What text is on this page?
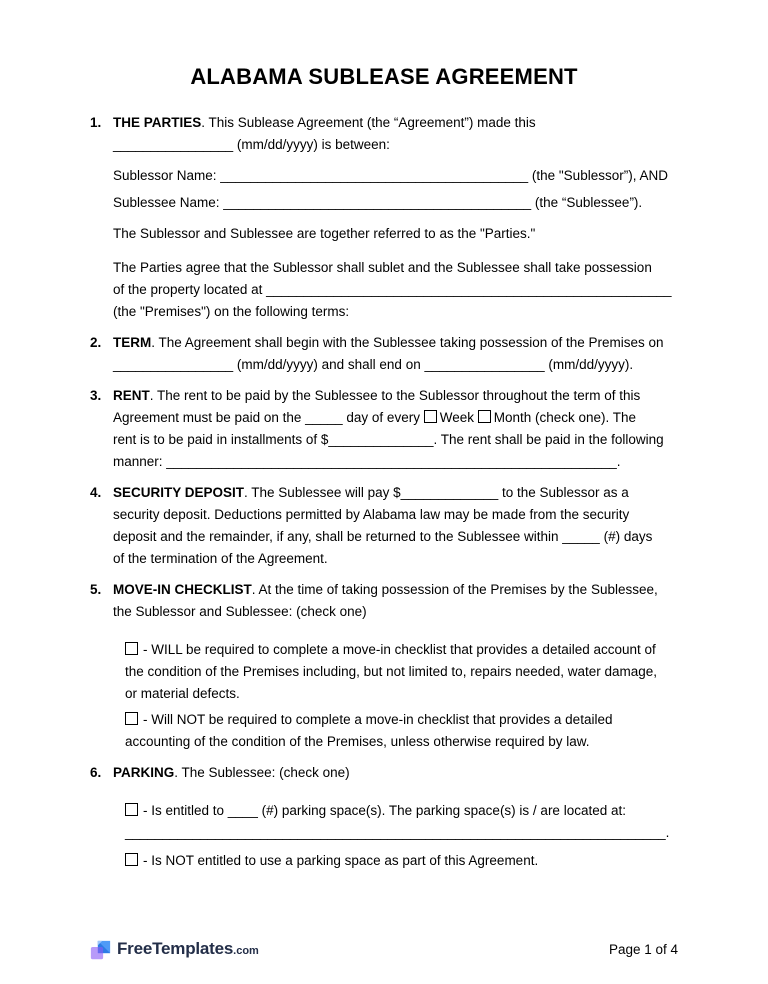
ALABAMA SUBLEASE AGREEMENT
1. THE PARTIES. This Sublease Agreement (the “Agreement”) made this
________________ (mm/dd/yyyy) is between:
Sublessor Name: _________________________________________ (the "Sublessor”), AND
Sublessee Name: _________________________________________ (the “Sublessee”).
The Sublessor and Sublessee are together referred to as the "Parties."
The Parties agree that the Sublessor shall sublet and the Sublessee shall take possession
of the property located at ______________________________________________________
(the "Premises") on the following terms:
2. TERM. The Agreement shall begin with the Sublessee taking possession of the Premises on
________________ (mm/dd/yyyy) and shall end on ________________ (mm/dd/yyyy).
3. RENT. The rent to be paid by the Sublessee to the Sublessor throughout the term of this
Agreement must be paid on the _____ day of every Week Month (check one). The
rent is to be paid in installments of $______________. The rent shall be paid in the following
manner: ____________________________________________________________.
4. SECURITY DEPOSIT. The Sublessee will pay $_____________ to the Sublessor as a
security deposit. Deductions permitted by Alabama law may be made from the security
deposit and the remainder, if any, shall be returned to the Sublessee within _____ (#) days
of the termination of the Agreement.
5. MOVE-IN CHECKLIST. At the time of taking possession of the Premises by the Sublessee,
the Sublessor and Sublessee: (check one)
- WILL be required to complete a move-in checklist that provides a detailed account of
the condition of the Premises including, but not limited to, repairs needed, water damage,
or material defects.
- Will NOT be required to complete a move-in checklist that provides a detailed
accounting of the condition of the Premises, unless otherwise required by law.
6. PARKING. The Sublessee: (check one)
- Is entitled to ____ (#) parking space(s). The parking space(s) is / are located at:
________________________________________________________________________.
- Is NOT entitled to use a parking space as part of this Agreement.
FreeTemplates .com	Page 1 of 4
